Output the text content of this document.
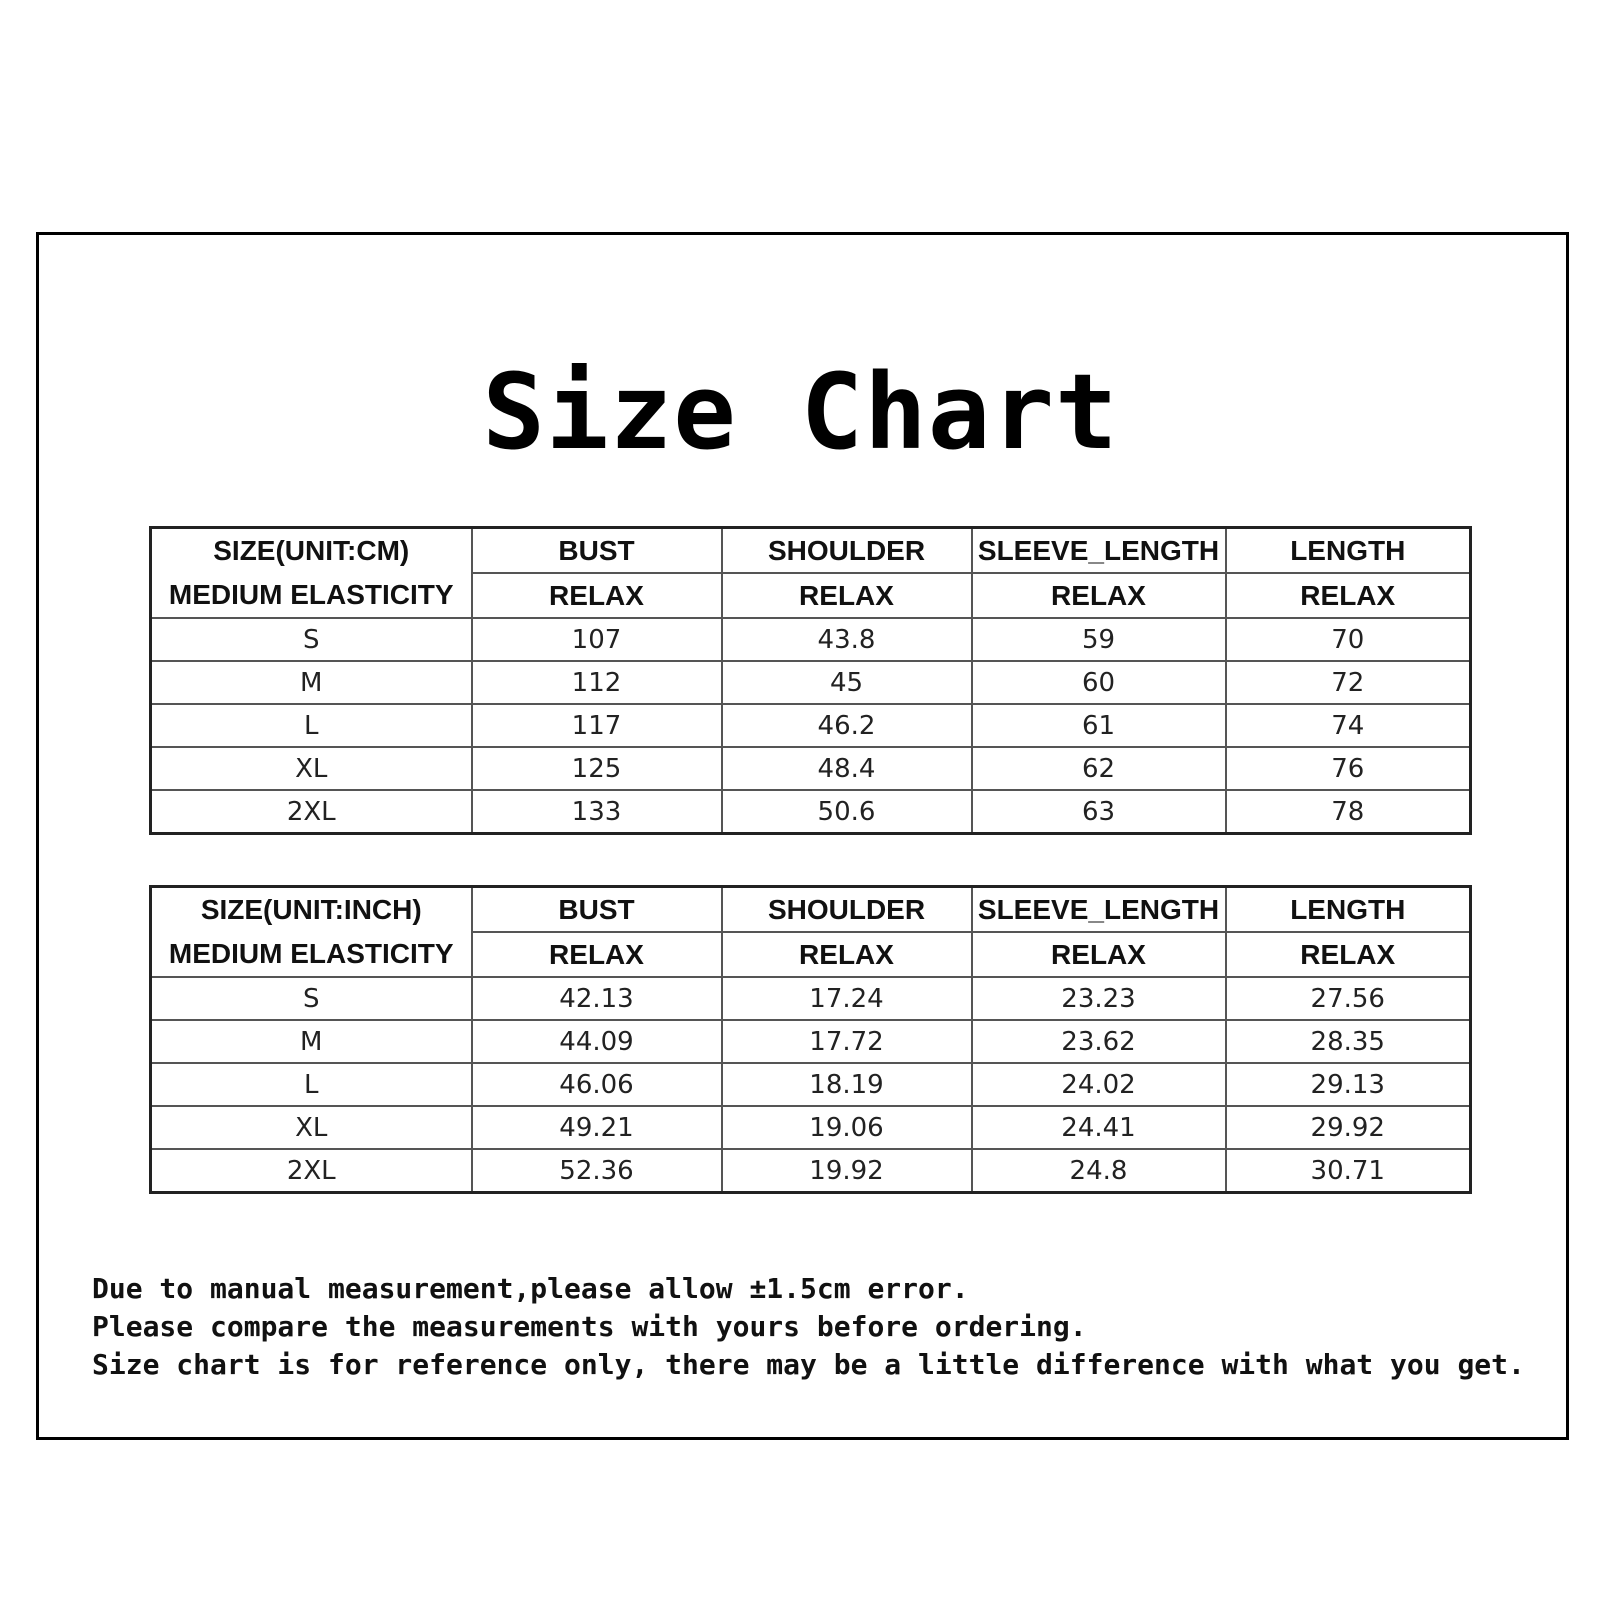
Size Chart
SIZE(UNIT:CM)
MEDIUM ELASTICITY	BUST	SHOULDER	SLEEVE_LENGTH	LENGTH
	RELAX	RELAX	RELAX	RELAX
S	107	43.8	59	70
M	112	45	60	72
L	117	46.2	61	74
XL	125	48.4	62	76
2XL	133	50.6	63	78
SIZE(UNIT:INCH)
MEDIUM ELASTICITY	BUST	SHOULDER	SLEEVE_LENGTH	LENGTH
	RELAX	RELAX	RELAX	RELAX
S	42.13	17.24	23.23	27.56
M	44.09	17.72	23.62	28.35
L	46.06	18.19	24.02	29.13
XL	49.21	19.06	24.41	29.92
2XL	52.36	19.92	24.8	30.71
Due to manual measurement,please allow ±1.5cm error.
Please compare the measurements with yours before ordering.
Size chart is for reference only, there may be a little difference with what you get.
